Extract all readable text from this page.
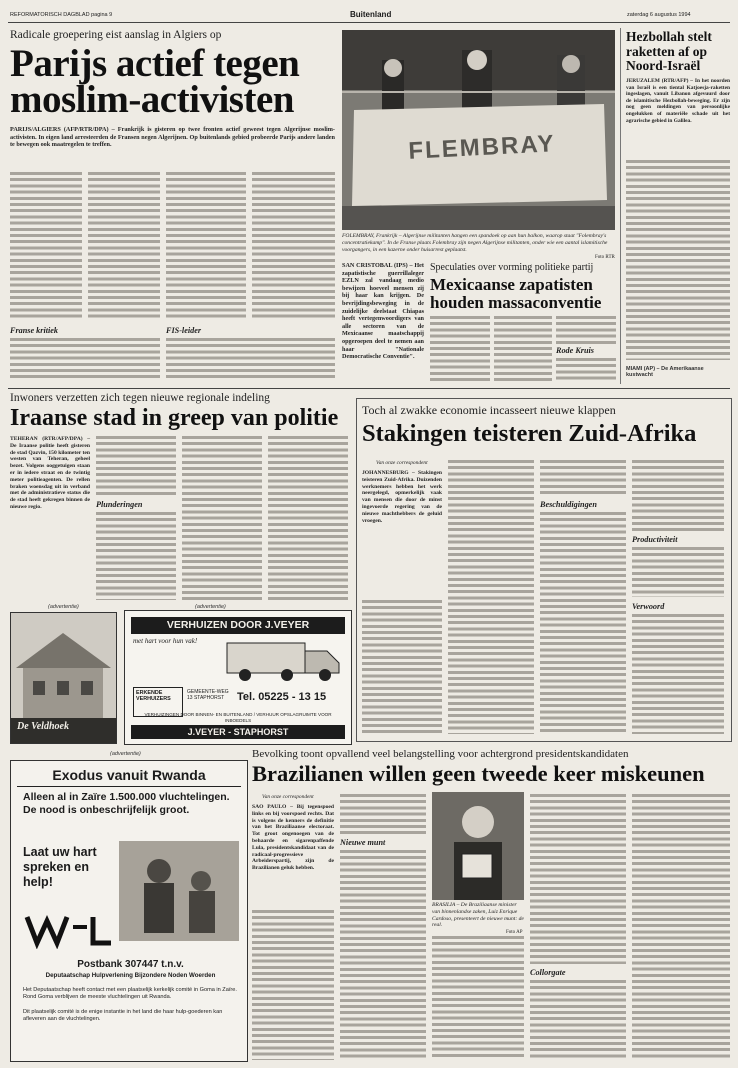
REFORMATORISCH DAGBLAD pagina 9	Buitenland	zaterdag 6 augustus 1994
Radicale groepering eist aanslag in Algiers op
Parijs actief tegen moslim-activisten
PARIJS/ALGIERS (AFP/RTR/DPA) – Frankrijk is gisteren op twee fronten actief geweest tegen Algerijnse moslim-activisten. In eigen land arresteerden de Fransen negen Algerijnen. Op buitenlands gebied probeerde Parijs andere landen te bewegen ook maatregelen te treffen.
Franse kritiek	FIS-leider
FLEMBRAY
FOLEMBRAY, Frankrijk – Algerijnse militanten hangen een spandoek op aan hun balkon, waarop staat "Folembray's concentratiekamp". In de Franse plaats Folembray zijn negen Algerijnse militanten, onder wie een aantal islamitische voorgangers, in een kazerne onder huisarrest geplaatst.
Foto RTR
SAN CRISTOBAL (IPS) – Het zapatistische guerrillaleger EZLN zal vandaag medio bewijzen hoeveel mensen zij bij haar kan krijgen. De bevrijdingsbeweging in de zuidelijke deelstaat Chiapas heeft vertegenwoordigers van alle sectoren van de Mexicaanse maatschappij opgeroepen deel te nemen aan haar "Nationale Democratische Conventie".
Speculaties over vorming politieke partij
Mexicaanse zapatisten houden massaconventie
Rode Kruis
Hezbollah stelt raketten af op Noord-Israël
JERUZALEM (RTR/AFP) – In het noorden van Israël is een tiental Katjoesja-raketten ingeslagen, vanuit Libanon afgevuurd door de islamitische Hezbollah-beweging. Er zijn nog geen meldingen van persoonlijke ongelukken of materiële schade uit het agrarische gebied in Galilea.
MIAMI (AP) – De Amerikaanse kustwacht
Inwoners verzetten zich tegen nieuwe regionale indeling
Iraanse stad in greep van politie
TEHERAN (RTR/AFP/DPA) – De Iraanse politie heeft gisteren de stad Qazvin, 150 kilometer ten westen van Teheran, geheel bezet. Volgens ooggetuigen staan er in iedere straat en de twintig meter politieagenten. De rellen braken woensdag uit in verband met de administratieve status die de stad heeft gekregen binnen de nieuwe regio.	Plunderingen
(advertentie)
De Veldhoek
(advertentie)
VERHUIZEN DOOR J.VEYER
met hart voor hun vak!
ERKENDE VERHUIZERS
GEMEENTE-WEG 13 STAPHORST	Tel. 05225 - 13 15
VERHUIZINGEN DOOR BINNEN- EN BUITENLAND / VERHUUR OPSLAGRUIMTE VOOR INBOEDELS
J.VEYER - STAPHORST
Toch al zwakke economie incasseert nieuwe klappen
Stakingen teisteren Zuid-Afrika
Van onze correspondent
JOHANNESBURG – Stakingen teisteren Zuid-Afrika. Duizenden werknemers hebben het werk neergelegd, opmerkelijk vaak van mensen die door de minst ingevoerde regering van de nieuwe machthebbers de geluid vroegen.
Beschuldigingen
Productiviteit
Verwoord
(advertentie)
Exodus vanuit Rwanda
Alleen al in Zaïre 1.500.000 vluchtelingen. De nood is onbeschrijfelijk groot.
Laat uw hart spreken en help!
Postbank 307447 t.n.v.
Deputaatschap Hulpverlening Bijzondere Noden Woerden
Het Deputaatschap heeft contact met een plaatselijk kerkelijk comité in Goma in Zaïre. Rond Goma verblijven de meeste vluchtelingen uit Rwanda.
Dit plaatselijk comité is de enige instantie in het land die haar hulp-goederen kan afleveren aan de vluchtelingen.
Bevolking toont opvallend veel belangstelling voor achtergrond presidentskandidaten
Brazilianen willen geen tweede keer miskeunen
Van onze correspondent
SAO PAULO – Bij tegenspoed links en bij voorspoed rechts. Dat is volgens de kenners de definitie van het Braziliaanse electoraat. Tot groot ongenoegen van de behaarde en sigarenpaffende Lula, presidentskandidaat van de radicaal-progressieve Arbeiderspartij, zijn de Brazilianen geluk hebben.
Nieuwe munt
BRASILIA – De Braziliaanse minister van binnenlandse zaken, Luiz Enrique Cardoso, presenteert de nieuwe munt: de real.
Foto AP
Collorgate
